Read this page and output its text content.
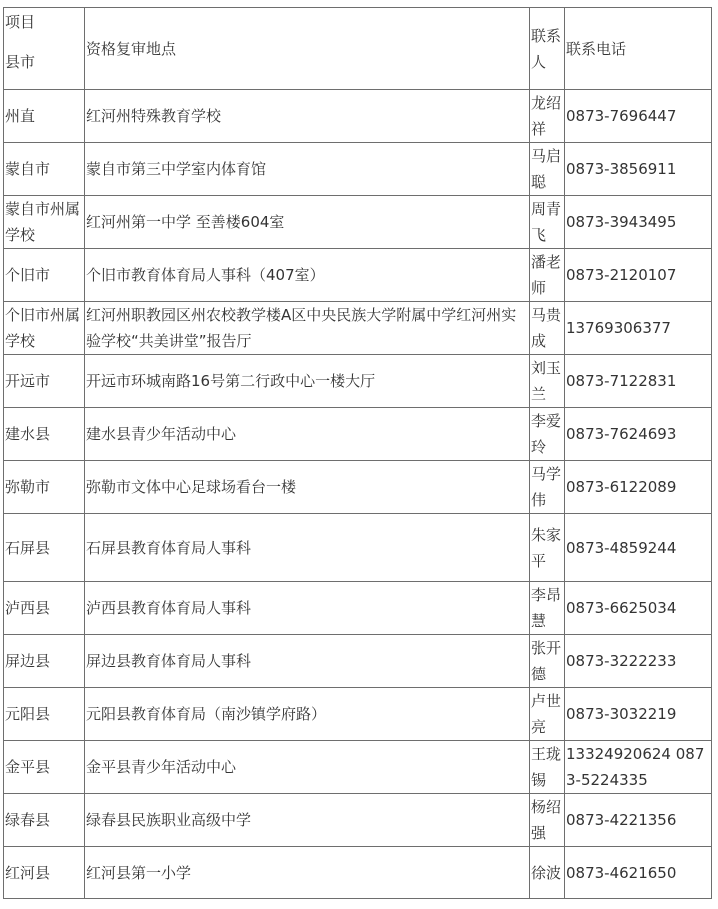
项目
县市	资格复审地点	联系人	联系电话
州直	红河州特殊教育学校	龙绍祥	0873-7696447
蒙自市	蒙自市第三中学室内体育馆	马启聪	0873-3856911
蒙自市州属学校	红河州第一中学 至善楼604室	周青飞	0873-3943495
个旧市	个旧市教育体育局人事科（407室）	潘老师	0873-2120107
个旧市州属学校	红河州职教园区州农校教学楼A区中央民族大学附属中学红河州实验学校“共美讲堂”报告厅	马贵成	13769306377
开远市	开远市环城南路16号第二行政中心一楼大厅	刘玉兰	0873-7122831
建水县	建水县青少年活动中心	李爱玲	0873-7624693
弥勒市	弥勒市文体中心足球场看台一楼	马学伟	0873-6122089
石屏县	石屏县教育体育局人事科	朱家平	0873-4859244
泸西县	泸西县教育体育局人事科	李昂慧	0873-6625034
屏边县	屏边县教育体育局人事科	张开德	0873-3222233
元阳县	元阳县教育体育局（南沙镇学府路）	卢世亮	0873-3032219
金平县	金平县青少年活动中心	王珑锡	13324920624 0873-5224335
绿春县	绿春县民族职业高级中学	杨绍强	0873-4221356
红河县	红河县第一小学	徐波	0873-4621650
